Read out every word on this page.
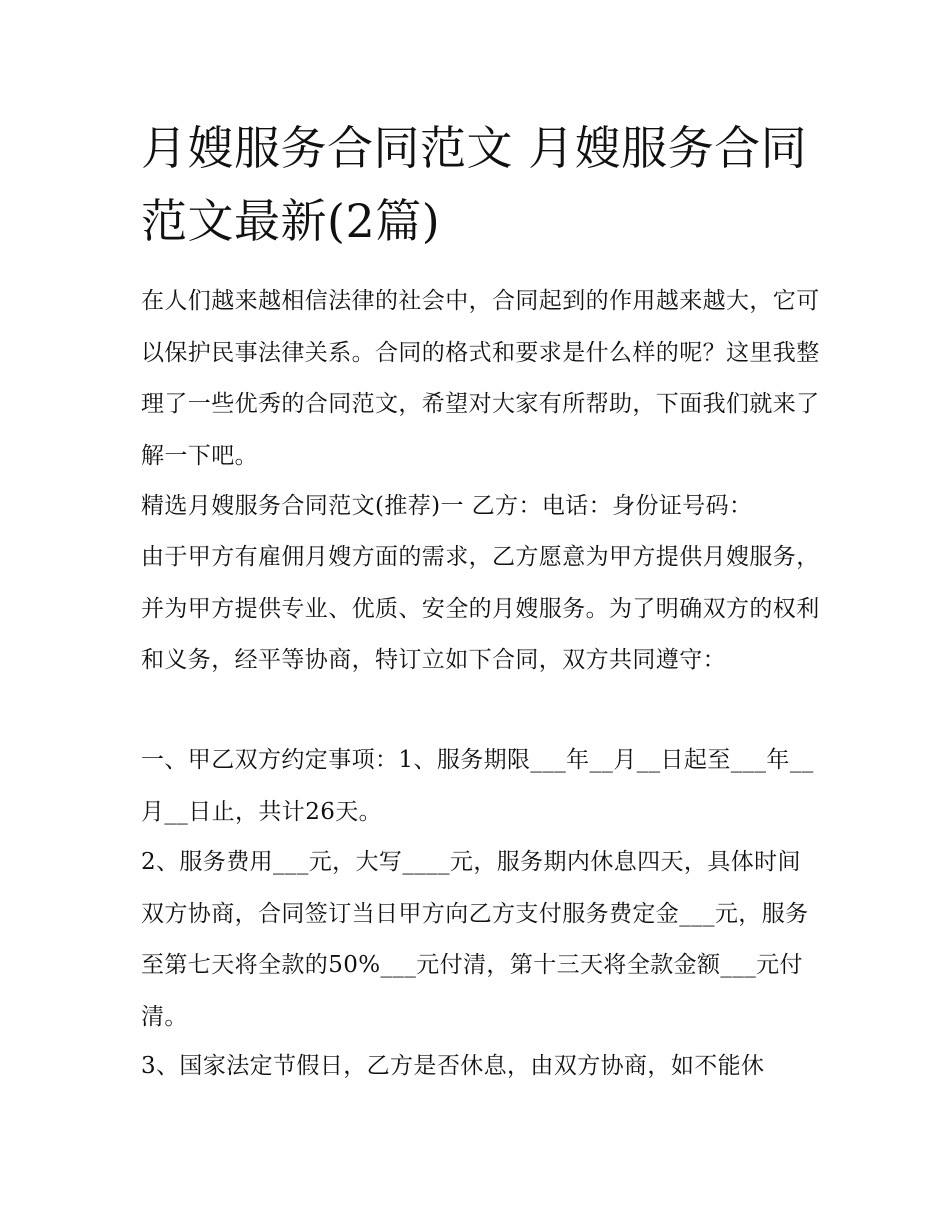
月嫂服务合同范文 月嫂服务合同范文最新(2篇)

在人们越来越相信法律的社会中，合同起到的作用越来越大，它可以保护民事法律关系。合同的格式和要求是什么样的呢？这里我整理了一些优秀的合同范文，希望对大家有所帮助，下面我们就来了解一下吧。

精选月嫂服务合同范文(推荐)一 乙方：电话：身份证号码：

由于甲方有雇佣月嫂方面的需求，乙方愿意为甲方提供月嫂服务，并为甲方提供专业、优质、安全的月嫂服务。为了明确双方的权利和义务，经平等协商，特订立如下合同，双方共同遵守：

一、甲乙双方约定事项：1、服务期限___年__月__日起至___年__月__日止，共计26天。

2、服务费用___元，大写____元，服务期内休息四天，具体时间双方协商，合同签订当日甲方向乙方支付服务费定金___元，服务至第七天将全款的50%___元付清，第十三天将全款金额___元付清。

3、国家法定节假日，乙方是否休息，由双方协商，如不能休
